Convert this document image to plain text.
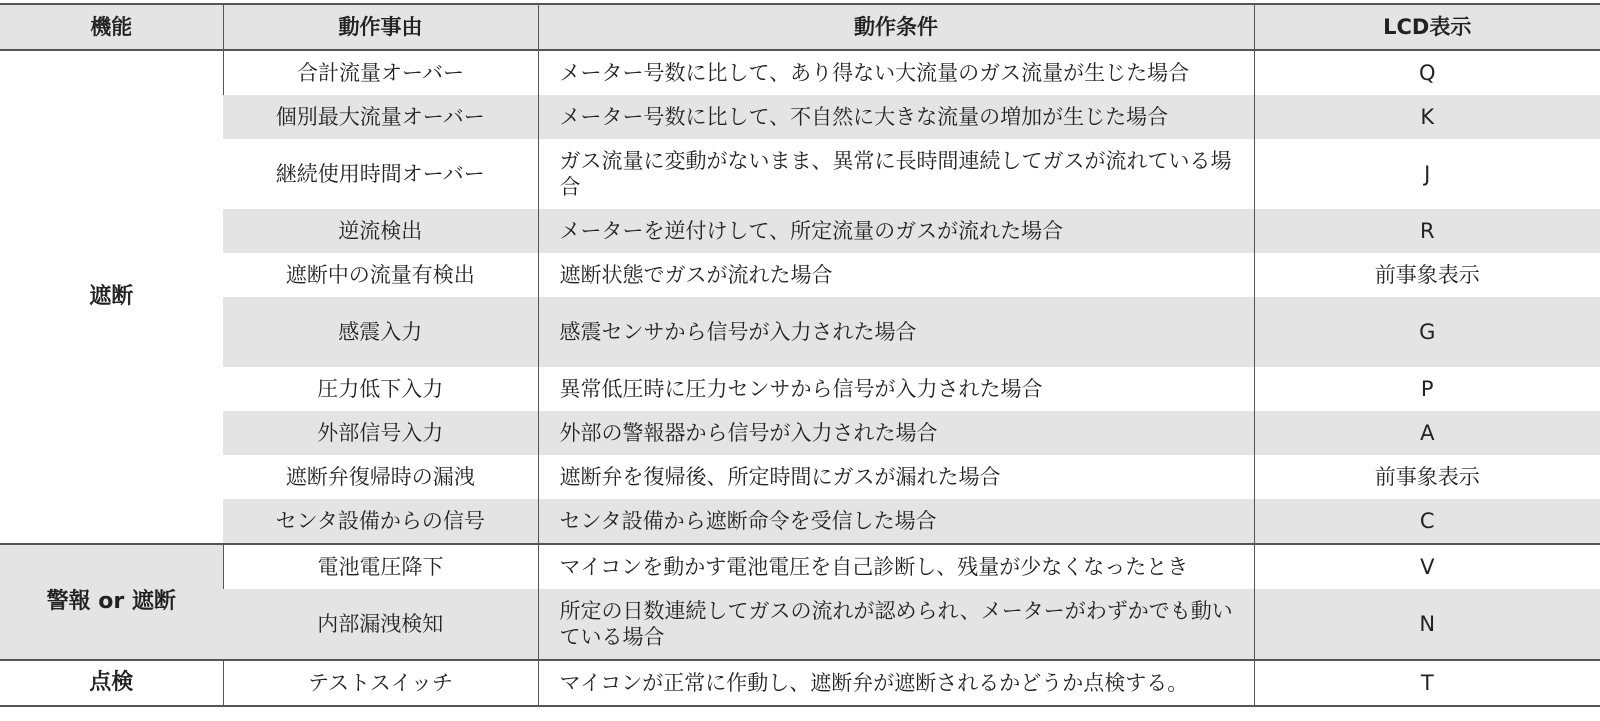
機能	動作事由	動作条件	LCD表示
遮断	合計流量オーバー	メーター号数に比して、あり得ない大流量のガス流量が生じた場合	Q
	個別最大流量オーバー	メーター号数に比して、不自然に大きな流量の増加が生じた場合	K
	継続使用時間オーバー	ガス流量に変動がないまま、異常に長時間連続してガスが流れている場合	J
	逆流検出	メーターを逆付けして、所定流量のガスが流れた場合	R
	遮断中の流量有検出	遮断状態でガスが流れた場合	前事象表示
	感震入力	感震センサから信号が入力された場合	G
	圧力低下入力	異常低圧時に圧力センサから信号が入力された場合	P
	外部信号入力	外部の警報器から信号が入力された場合	A
	遮断弁復帰時の漏洩	遮断弁を復帰後、所定時間にガスが漏れた場合	前事象表示
	センタ設備からの信号	センタ設備から遮断命令を受信した場合	C
警報 or 遮断	電池電圧降下	マイコンを動かす電池電圧を自己診断し、残量が少なくなったとき	V
	内部漏洩検知	所定の日数連続してガスの流れが認められ、メーターがわずかでも動いている場合	N
点検	テストスイッチ	マイコンが正常に作動し、遮断弁が遮断されるかどうか点検する。	T
